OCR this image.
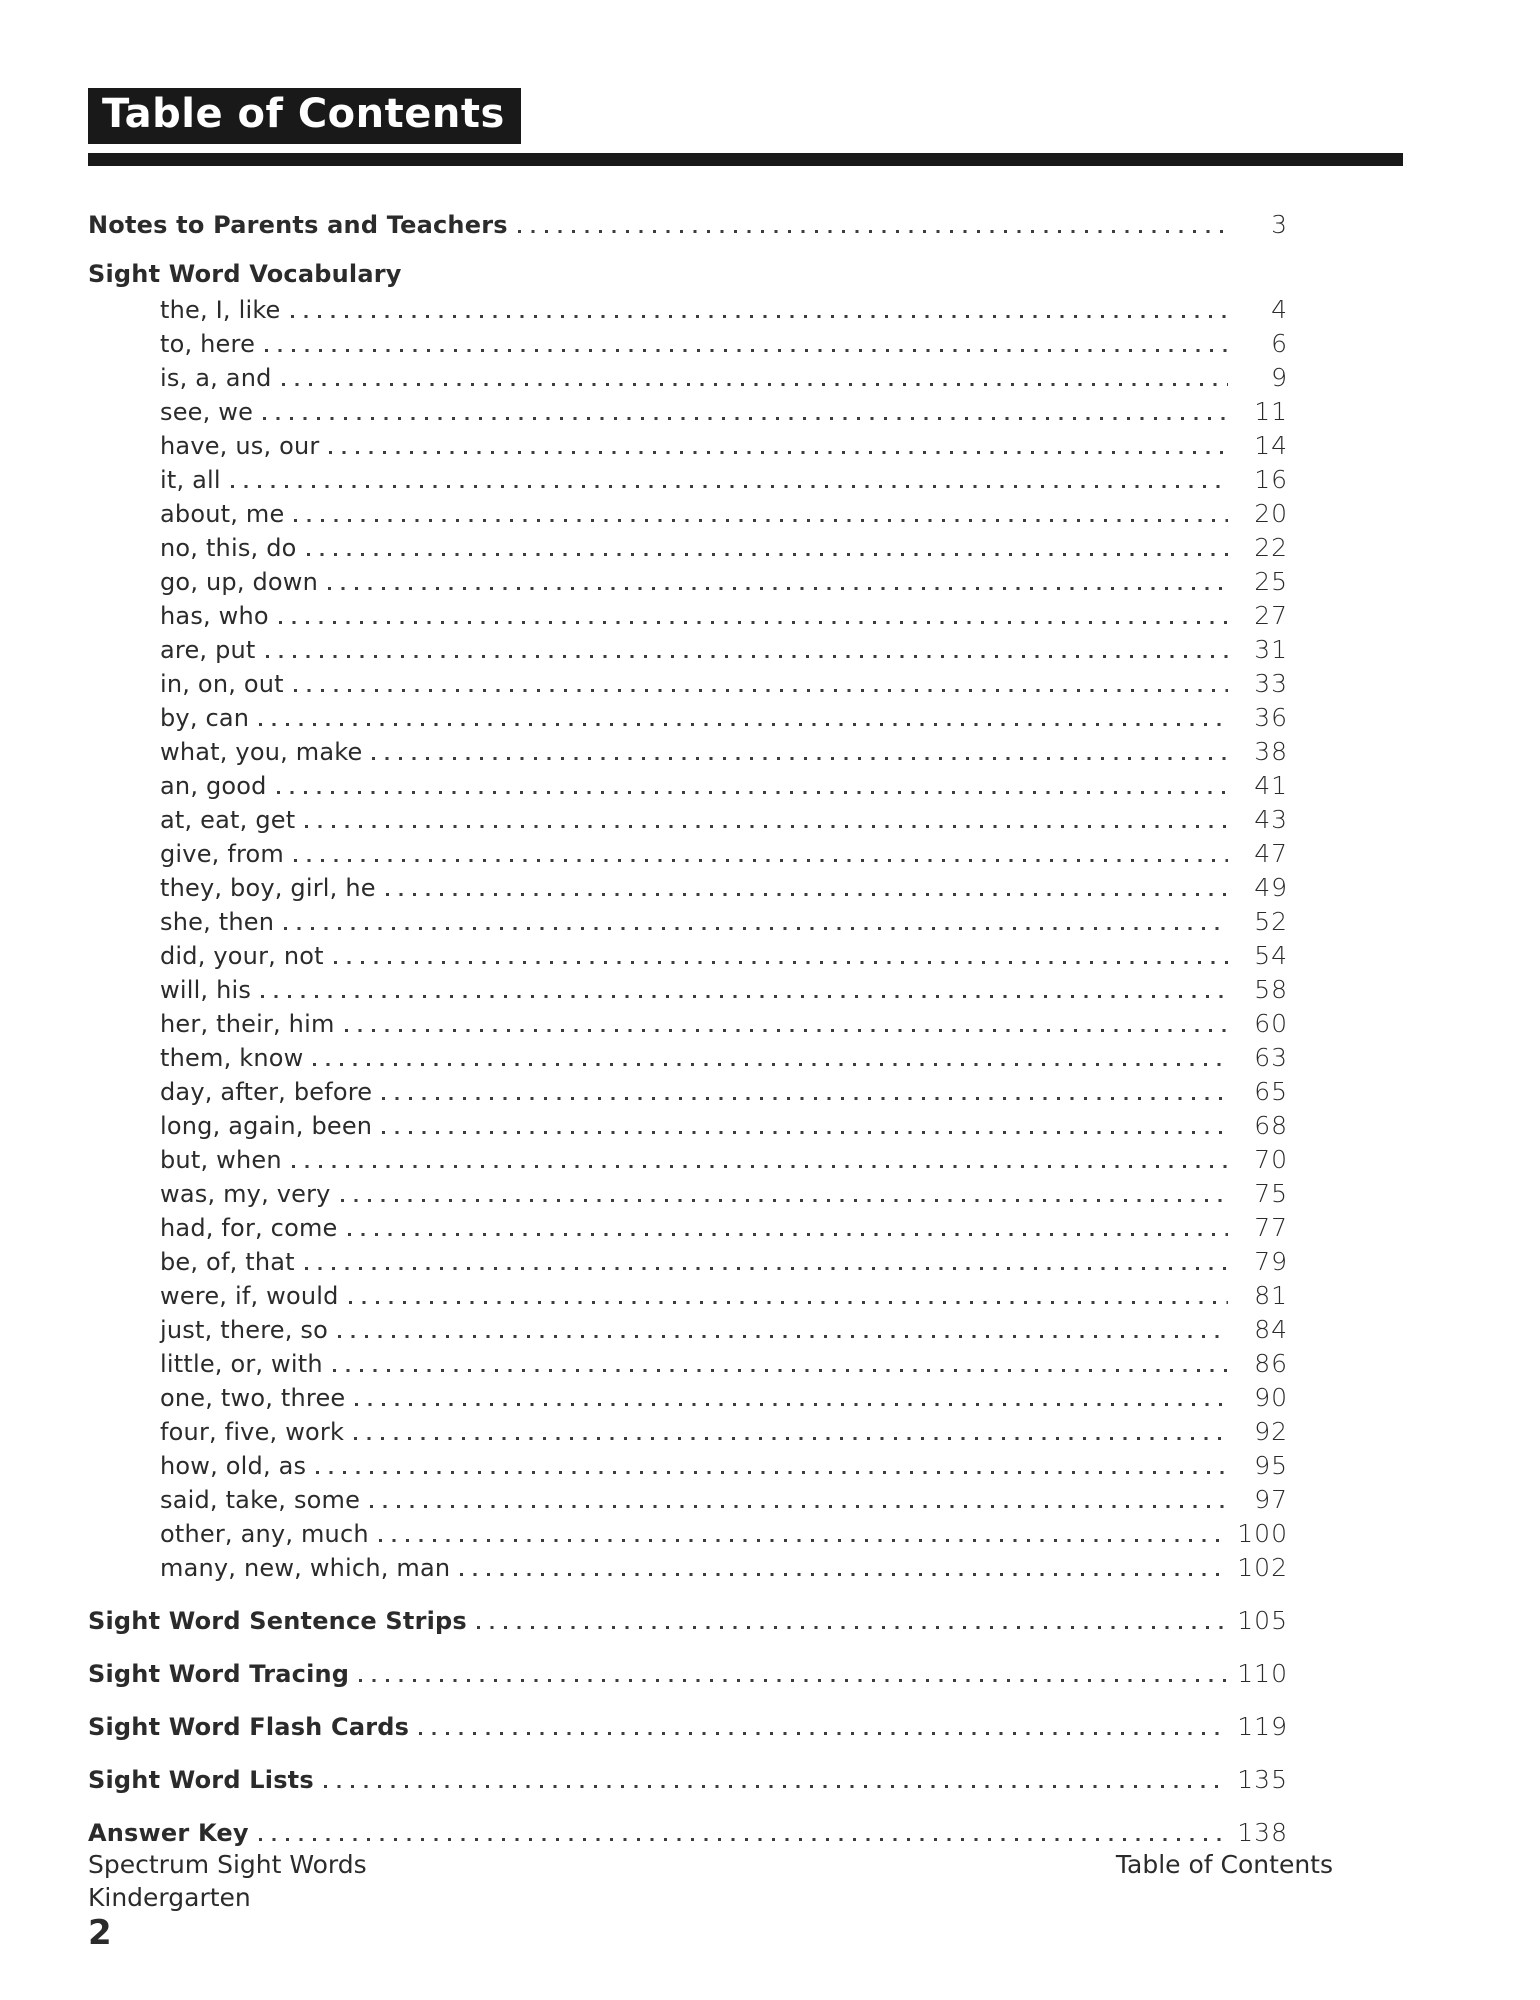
Table of Contents
Notes to Parents and Teachers	3
Sight Word Vocabulary
the, I, like	4
to, here	6
is, a, and	9
see, we	11
have, us, our	14
it, all	16
about, me	20
no, this, do	22
go, up, down	25
has, who	27
are, put	31
in, on, out	33
by, can	36
what, you, make	38
an, good	41
at, eat, get	43
give, from	47
they, boy, girl, he	49
she, then	52
did, your, not	54
will, his	58
her, their, him	60
them, know	63
day, after, before	65
long, again, been	68
but, when	70
was, my, very	75
had, for, come	77
be, of, that	79
were, if, would	81
just, there, so	84
little, or, with	86
one, two, three	90
four, five, work	92
how, old, as	95
said, take, some	97
other, any, much	100
many, new, which, man	102
Sight Word Sentence Strips	105
Sight Word Tracing	110
Sight Word Flash Cards	119
Sight Word Lists	135
Answer Key	138
Spectrum Sight Words
Kindergarten
2
Table of Contents
